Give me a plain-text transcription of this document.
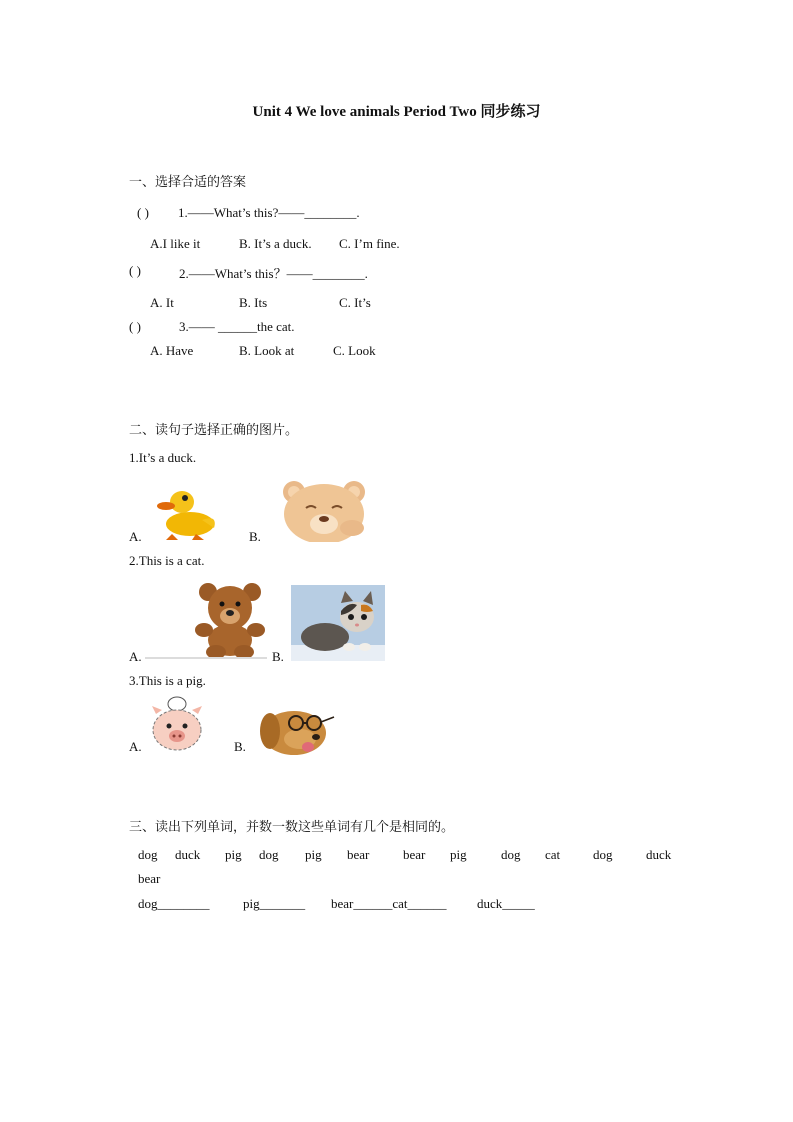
Unit 4 We love animals Period Two 同步练习
一、选择合适的答案
( ) 1.——What’s this?——________.
A.I like it	B. It’s a duck. C. I’m fine.
( )	2.——What’s this？——________.
A. It	B. Its	C. It’s
( )	3.—— ______the cat.
A. Have	B. Look at	C. Look
二、读句子选择正确的图片。
1.It’s a duck.
A.	B.
2.This is a cat.
A.	B.
3.This is a pig.
A.	B.
三、读出下列单词，并数一数这些单词有几个是相同的。
dog duck pig dog pig bear	bear pig	dog cat	dog	duck
bear
dog________	pig_______ bear______cat______ duck_____
